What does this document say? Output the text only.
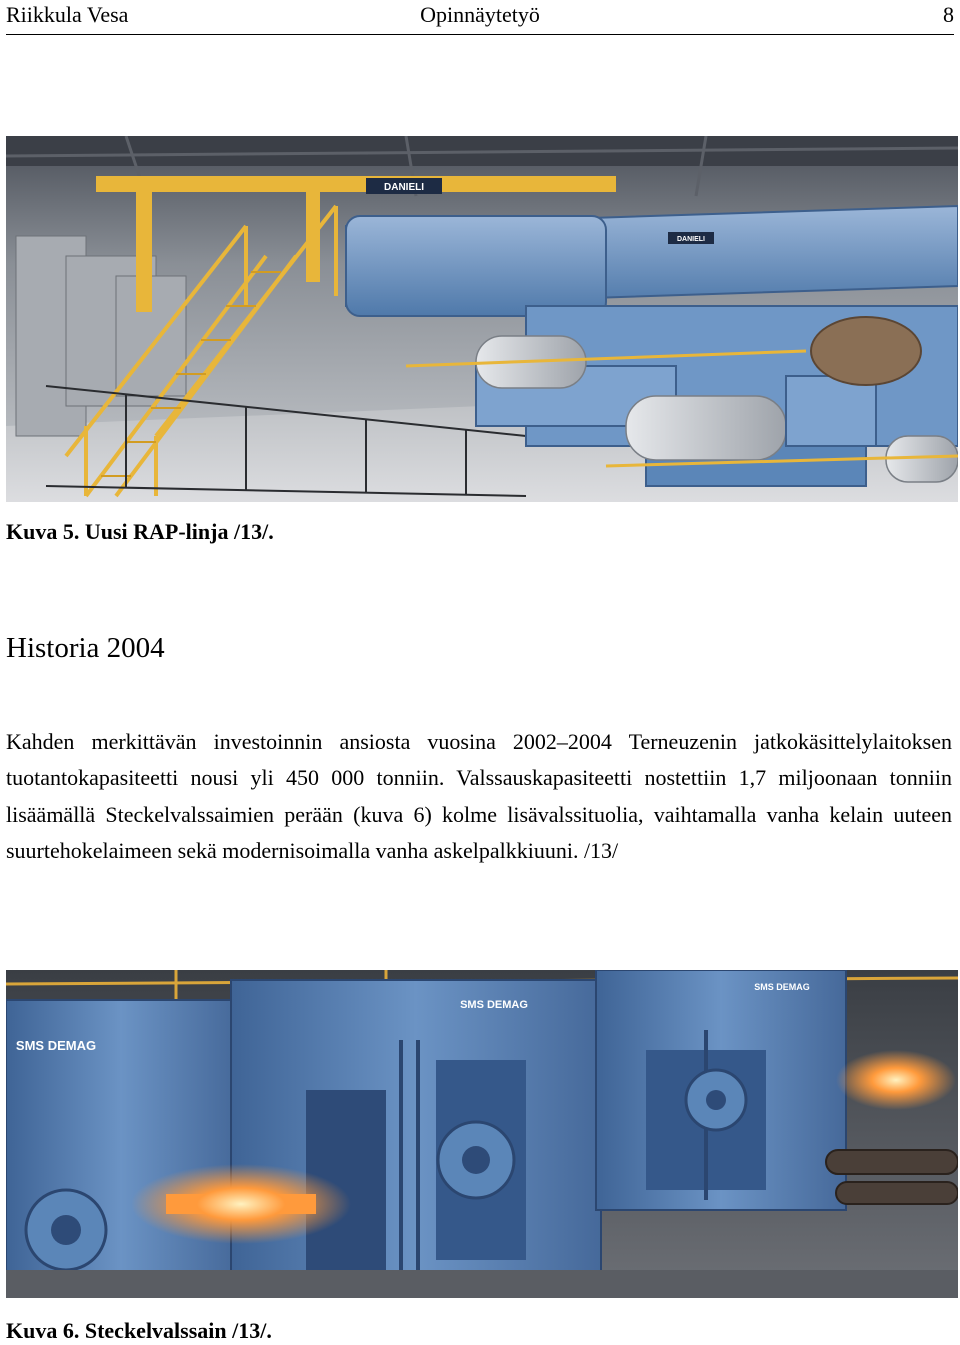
Riikkula Vesa	Opinnäytetyö	8
DANIELI
DANIELI
Kuva 5. Uusi RAP-linja /13/.
Historia 2004

Kahden merkittävän investoinnin ansiosta vuosina 2002–2004 Terneuzenin jatkokäsittelylaitoksen tuotantokapasiteetti nousi yli 450 000 tonniin. Valssauskapasiteetti nostettiin 1,7 miljoonaan tonniin lisäämällä Steckelvalssaimien perään (kuva 6) kolme lisävalssituolia, vaihtamalla vanha kelain uuteen suurtehokelaimeen sekä modernisoimalla vanha askelpalkkiuuni. /13/

SMS DEMAG
SMS DEMAG
SMS DEMAG
Kuva 6. Steckelvalssain /13/.
